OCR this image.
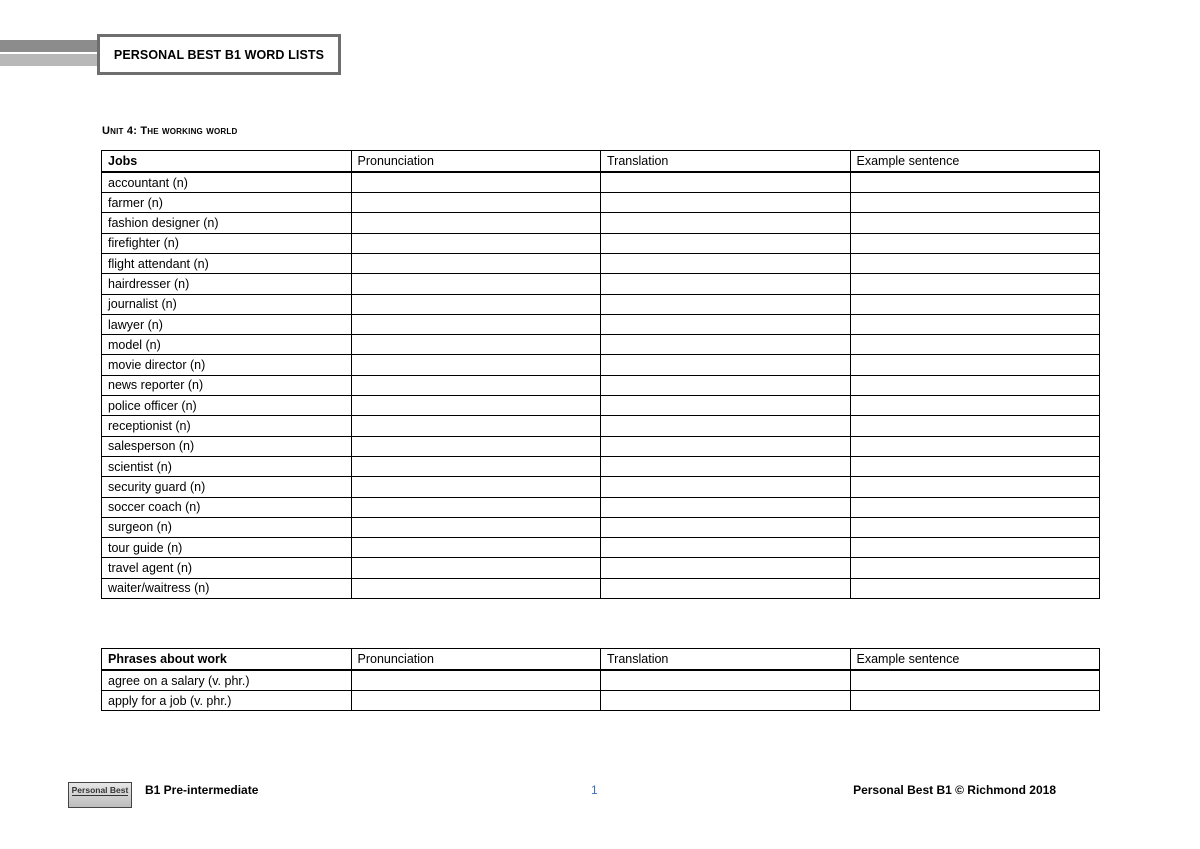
PERSONAL BEST B1 WORD LISTS
Unit 4: The working world
Jobs	Pronunciation	Translation	Example sentence
accountant (n)			
farmer (n)			
fashion designer (n)			
firefighter (n)			
flight attendant (n)			
hairdresser (n)			
journalist (n)			
lawyer (n)			
model (n)			
movie director (n)			
news reporter (n)			
police officer (n)			
receptionist (n)			
salesperson (n)			
scientist (n)			
security guard (n)			
soccer coach (n)			
surgeon (n)			
tour guide (n)			
travel agent (n)			
waiter/waitress (n)			
Phrases about work	Pronunciation	Translation	Example sentence
agree on a salary (v. phr.)			
apply for a job (v. phr.)			
Personal Best B1 Pre-intermediate	1	Personal Best B1 © Richmond 2018
